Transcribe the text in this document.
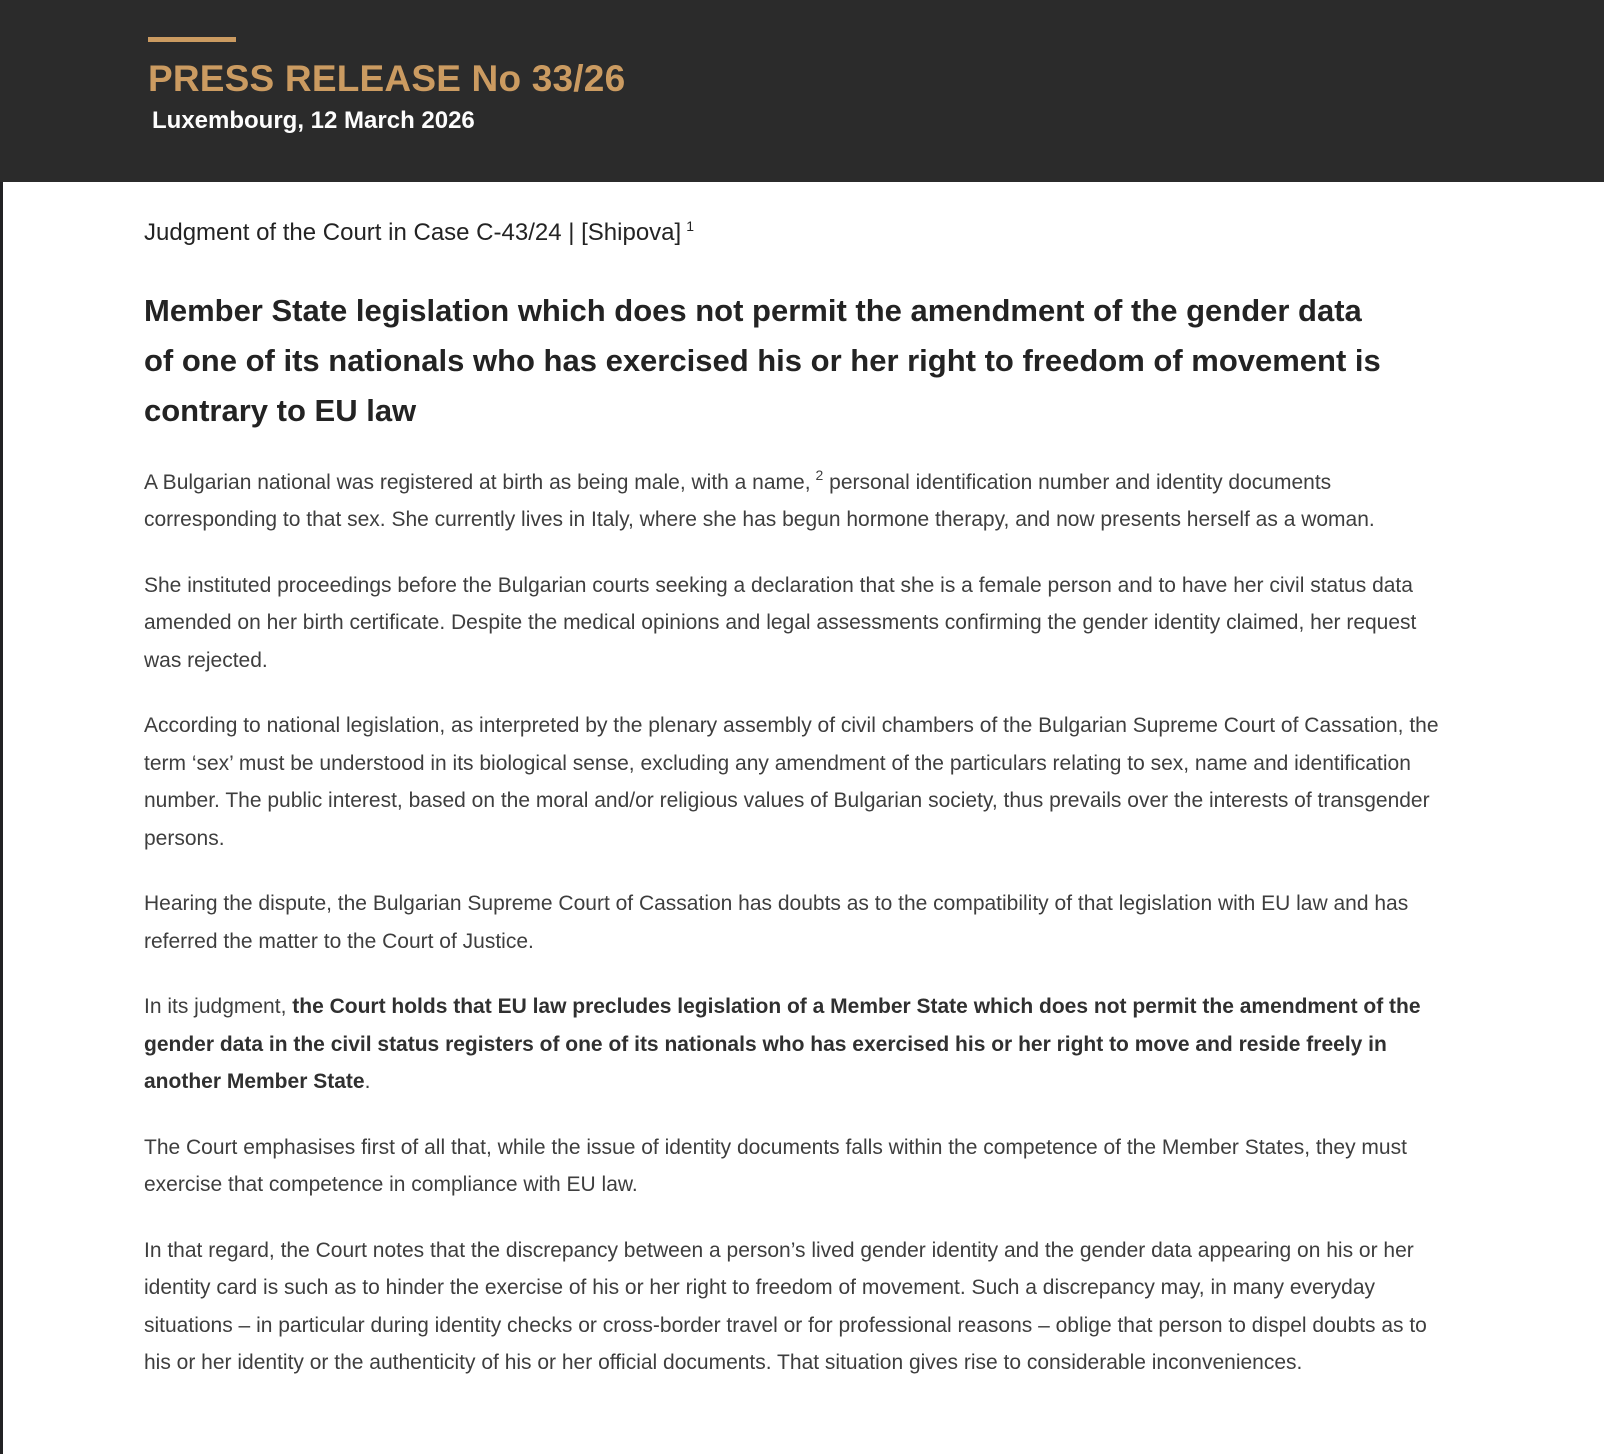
PRESS RELEASE No 33/26
Luxembourg, 12 March 2026

Judgment of the Court in Case C-43/24 | [Shipova] $^1$

Member State legislation which does not permit the amendment of the gender data of one of its nationals who has exercised his or her right to freedom of movement is contrary to EU law

A Bulgarian national was registered at birth as being male, with a name, $^2$ personal identification number and identity documents corresponding to that sex. She currently lives in Italy, where she has begun hormone therapy, and now presents herself as a woman.

She instituted proceedings before the Bulgarian courts seeking a declaration that she is a female person and to have her civil status data amended on her birth certificate. Despite the medical opinions and legal assessments confirming the gender identity claimed, her request was rejected.

According to national legislation, as interpreted by the plenary assembly of civil chambers of the Bulgarian Supreme Court of Cassation, the term ‘sex’ must be understood in its biological sense, excluding any amendment of the particulars relating to sex, name and identification number. The public interest, based on the moral and/or religious values of Bulgarian society, thus prevails over the interests of transgender persons.

Hearing the dispute, the Bulgarian Supreme Court of Cassation has doubts as to the compatibility of that legislation with EU law and has referred the matter to the Court of Justice.

In its judgment, the Court holds that EU law precludes legislation of a Member State which does not permit the amendment of the gender data in the civil status registers of one of its nationals who has exercised his or her right to move and reside freely in another Member State.

The Court emphasises first of all that, while the issue of identity documents falls within the competence of the Member States, they must exercise that competence in compliance with EU law.

In that regard, the Court notes that the discrepancy between a person’s lived gender identity and the gender data appearing on his or her identity card is such as to hinder the exercise of his or her right to freedom of movement. Such a discrepancy may, in many everyday situations – in particular during identity checks or cross-border travel or for professional reasons – oblige that person to dispel doubts as to his or her identity or the authenticity of his or her official documents. That situation gives rise to considerable inconveniences.
